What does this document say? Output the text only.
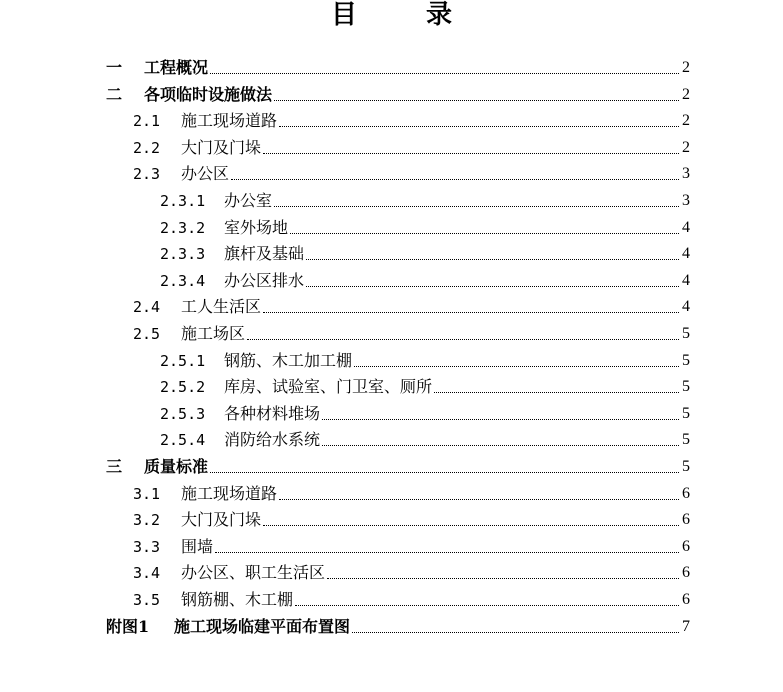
目 录
一	工程概况	2
二	各项临时设施做法	2
2.1	施工现场道路	2
2.2	大门及门垛	2
2.3	办公区	3
2.3.1	办公室	3
2.3.2	室外场地	4
2.3.3	旗杆及基础	4
2.3.4	办公区排水	4
2.4	工人生活区	4
2.5	施工场区	5
2.5.1	钢筋、木工加工棚	5
2.5.2	库房、试验室、门卫室、厕所	5
2.5.3	各种材料堆场	5
2.5.4	消防给水系统	5
三	质量标准	5
3.1	施工现场道路	6
3.2	大门及门垛	6
3.3	围墙	6
3.4	办公区、职工生活区	6
3.5	钢筋棚、木工棚	6
附图1	施工现场临建平面布置图	7
